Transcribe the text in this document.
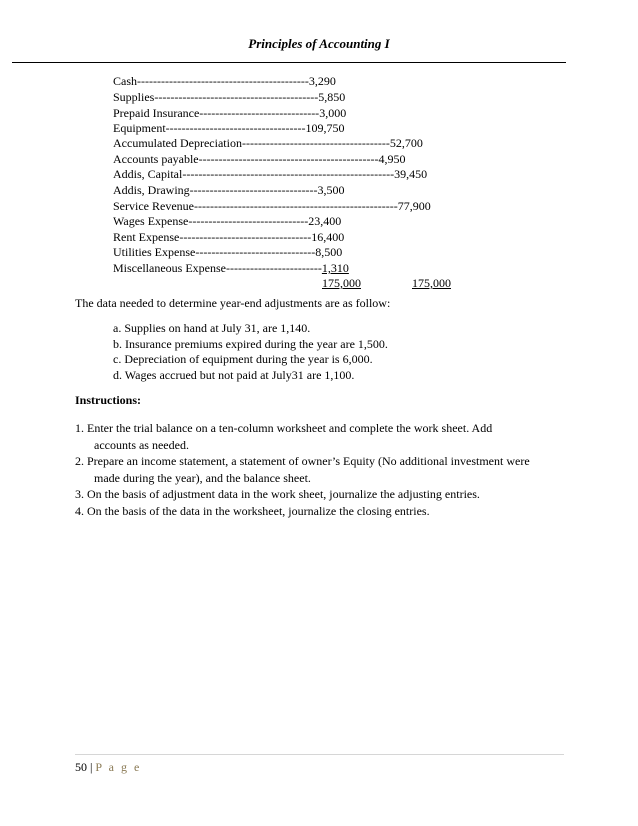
Principles of Accounting I
Cash-------------------------------------------3,290
Supplies-----------------------------------------5,850
Prepaid Insurance------------------------------3,000
Equipment-----------------------------------109,750
Accumulated Depreciation-------------------------------------52,700
Accounts payable---------------------------------------------4,950
Addis, Capital-----------------------------------------------------39,450
Addis, Drawing--------------------------------3,500
Service Revenue---------------------------------------------------77,900
Wages Expense------------------------------23,400
Rent Expense---------------------------------16,400
Utilities Expense------------------------------8,500
Miscellaneous Expense------------------------1,310
175,000	175,000
The data needed to determine year-end adjustments are as follow:
a. Supplies on hand at July 31, are 1,140.
b. Insurance premiums expired during the year are 1,500.
c. Depreciation of equipment during the year is 6,000.
d. Wages accrued but not paid at July31 are 1,100.
Instructions:
1. Enter the trial balance on a ten-column worksheet and complete the work sheet. Add
accounts as needed.
2. Prepare an income statement, a statement of owner’s Equity (No additional investment were
made during the year), and the balance sheet.
3. On the basis of adjustment data in the work sheet, journalize the adjusting entries.
4. On the basis of the data in the worksheet, journalize the closing entries.
50 | P a g e
